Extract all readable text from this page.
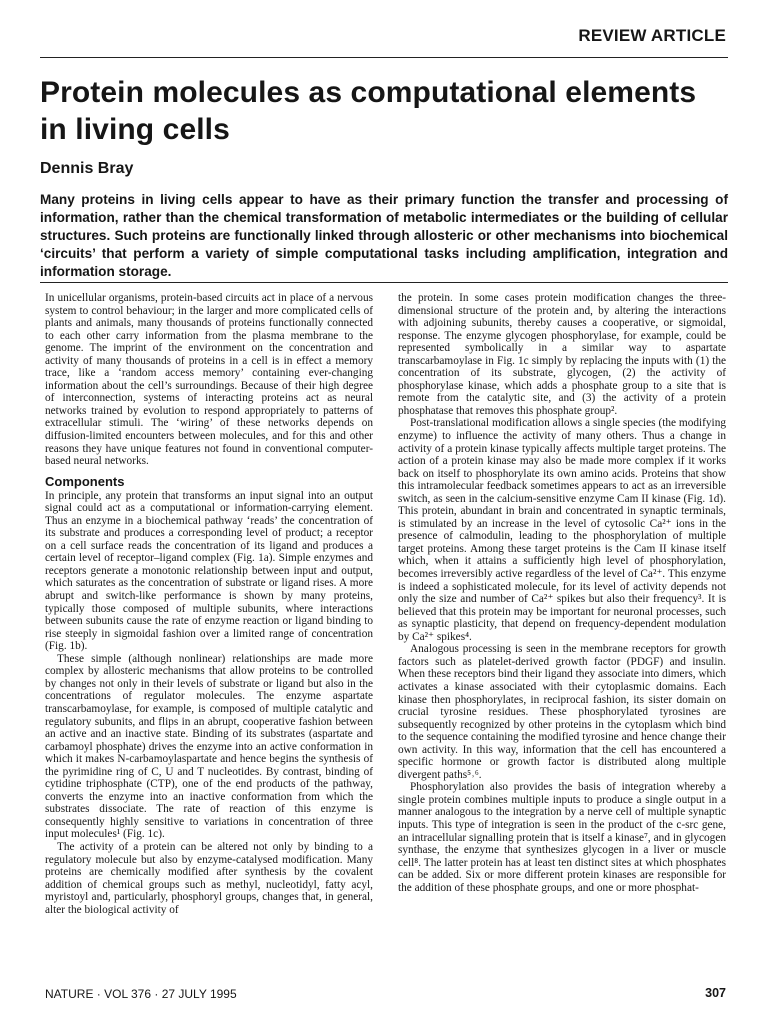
REVIEW ARTICLE
Protein molecules as computational elements in living cells

Dennis Bray

Many proteins in living cells appear to have as their primary function the transfer and processing of information, rather than the chemical transformation of metabolic intermediates or the building of cellular structures. Such proteins are functionally linked through allosteric or other mechanisms into biochemical ‘circuits’ that perform a variety of simple computational tasks including amplification, integration and information storage.

In unicellular organisms, protein-based circuits act in place of a nervous system to control behaviour; in the larger and more complicated cells of plants and animals, many thousands of proteins functionally connected to each other carry information from the plasma membrane to the genome. The imprint of the environment on the concentration and activity of many thousands of proteins in a cell is in effect a memory trace, like a ‘random access memory’ containing ever-changing information about the cell’s surroundings. Because of their high degree of interconnection, systems of interacting proteins act as neural networks trained by evolution to respond appropriately to patterns of extracellular stimuli. The ‘wiring’ of these networks depends on diffusion-limited encounters between molecules, and for this and other reasons they have unique features not found in conventional computer-based neural networks.

Components

In principle, any protein that transforms an input signal into an output signal could act as a computational or information-carrying element. Thus an enzyme in a biochemical pathway ‘reads’ the concentration of its substrate and produces a corresponding level of product; a receptor on a cell surface reads the concentration of its ligand and produces a certain level of receptor–ligand complex (Fig. 1a). Simple enzymes and receptors generate a monotonic relationship between input and output, which saturates as the concentration of substrate or ligand rises. A more abrupt and switch-like performance is shown by many proteins, typically those composed of multiple subunits, where interactions between subunits cause the rate of enzyme reaction or ligand binding to rise steeply in sigmoidal fashion over a limited range of concentration (Fig. 1b).

These simple (although nonlinear) relationships are made more complex by allosteric mechanisms that allow proteins to be controlled by changes not only in their levels of substrate or ligand but also in the concentrations of regulator molecules. The enzyme aspartate transcarbamoylase, for example, is composed of multiple catalytic and regulatory subunits, and flips in an abrupt, cooperative fashion between an active and an inactive state. Binding of its substrates (aspartate and carbamoyl phosphate) drives the enzyme into an active conformation in which it makes N-carbamoylaspartate and hence begins the synthesis of the pyrimidine ring of C, U and T nucleotides. By contrast, binding of cytidine triphosphate (CTP), one of the end products of the pathway, converts the enzyme into an inactive conformation from which the substrates dissociate. The rate of reaction of this enzyme is consequently highly sensitive to variations in concentration of three input molecules¹ (Fig. 1c).

The activity of a protein can be altered not only by binding to a regulatory molecule but also by enzyme-catalysed modification. Many proteins are chemically modified after synthesis by the covalent addition of chemical groups such as methyl, nucleotidyl, fatty acyl, myristoyl and, particularly, phosphoryl groups, changes that, in general, alter the biological activity of

the protein. In some cases protein modification changes the three-dimensional structure of the protein and, by altering the interactions with adjoining subunits, thereby causes a cooperative, or sigmoidal, response. The enzyme glycogen phosphorylase, for example, could be represented symbolically in a similar way to aspartate transcarbamoylase in Fig. 1c simply by replacing the inputs with (1) the concentration of its substrate, glycogen, (2) the activity of phosphorylase kinase, which adds a phosphate group to a site that is remote from the catalytic site, and (3) the activity of a protein phosphatase that removes this phosphate group².

Post-translational modification allows a single species (the modifying enzyme) to influence the activity of many others. Thus a change in activity of a protein kinase typically affects multiple target proteins. The action of a protein kinase may also be made more complex if it works back on itself to phosphorylate its own amino acids. Proteins that show this intramolecular feedback sometimes appears to act as an irreversible switch, as seen in the calcium-sensitive enzyme Cam II kinase (Fig. 1d). This protein, abundant in brain and concentrated in synaptic terminals, is stimulated by an increase in the level of cytosolic Ca²⁺ ions in the presence of calmodulin, leading to the phosphorylation of multiple target proteins. Among these target proteins is the Cam II kinase itself which, when it attains a sufficiently high level of phosphorylation, becomes irreversibly active regardless of the level of Ca²⁺. This enzyme is indeed a sophisticated molecule, for its level of activity depends not only the size and number of Ca²⁺ spikes but also their frequency³. It is believed that this protein may be important for neuronal processes, such as synaptic plasticity, that depend on frequency-dependent modulation by Ca²⁺ spikes⁴.

Analogous processing is seen in the membrane receptors for growth factors such as platelet-derived growth factor (PDGF) and insulin. When these receptors bind their ligand they associate into dimers, which activates a kinase associated with their cytoplasmic domains. Each kinase then phosphorylates, in reciprocal fashion, its sister domain on crucial tyrosine residues. These phosphorylated tyrosines are subsequently recognized by other proteins in the cytoplasm which bind to the sequence containing the modified tyrosine and hence change their own activity. In this way, information that the cell has encountered a specific hormone or growth factor is distributed along multiple divergent paths⁵˒⁶.

Phosphorylation also provides the basis of integration whereby a single protein combines multiple inputs to produce a single output in a manner analogous to the integration by a nerve cell of multiple synaptic inputs. This type of integration is seen in the product of the c-src gene, an intracellular signalling protein that is itself a kinase⁷, and in glycogen synthase, the enzyme that synthesizes glycogen in a liver or muscle cell⁸. The latter protein has at least ten distinct sites at which phosphates can be added. Six or more different protein kinases are responsible for the addition of these phosphate groups, and one or more phosphat-

NATURE · VOL 376 · 27 JULY 1995	307
